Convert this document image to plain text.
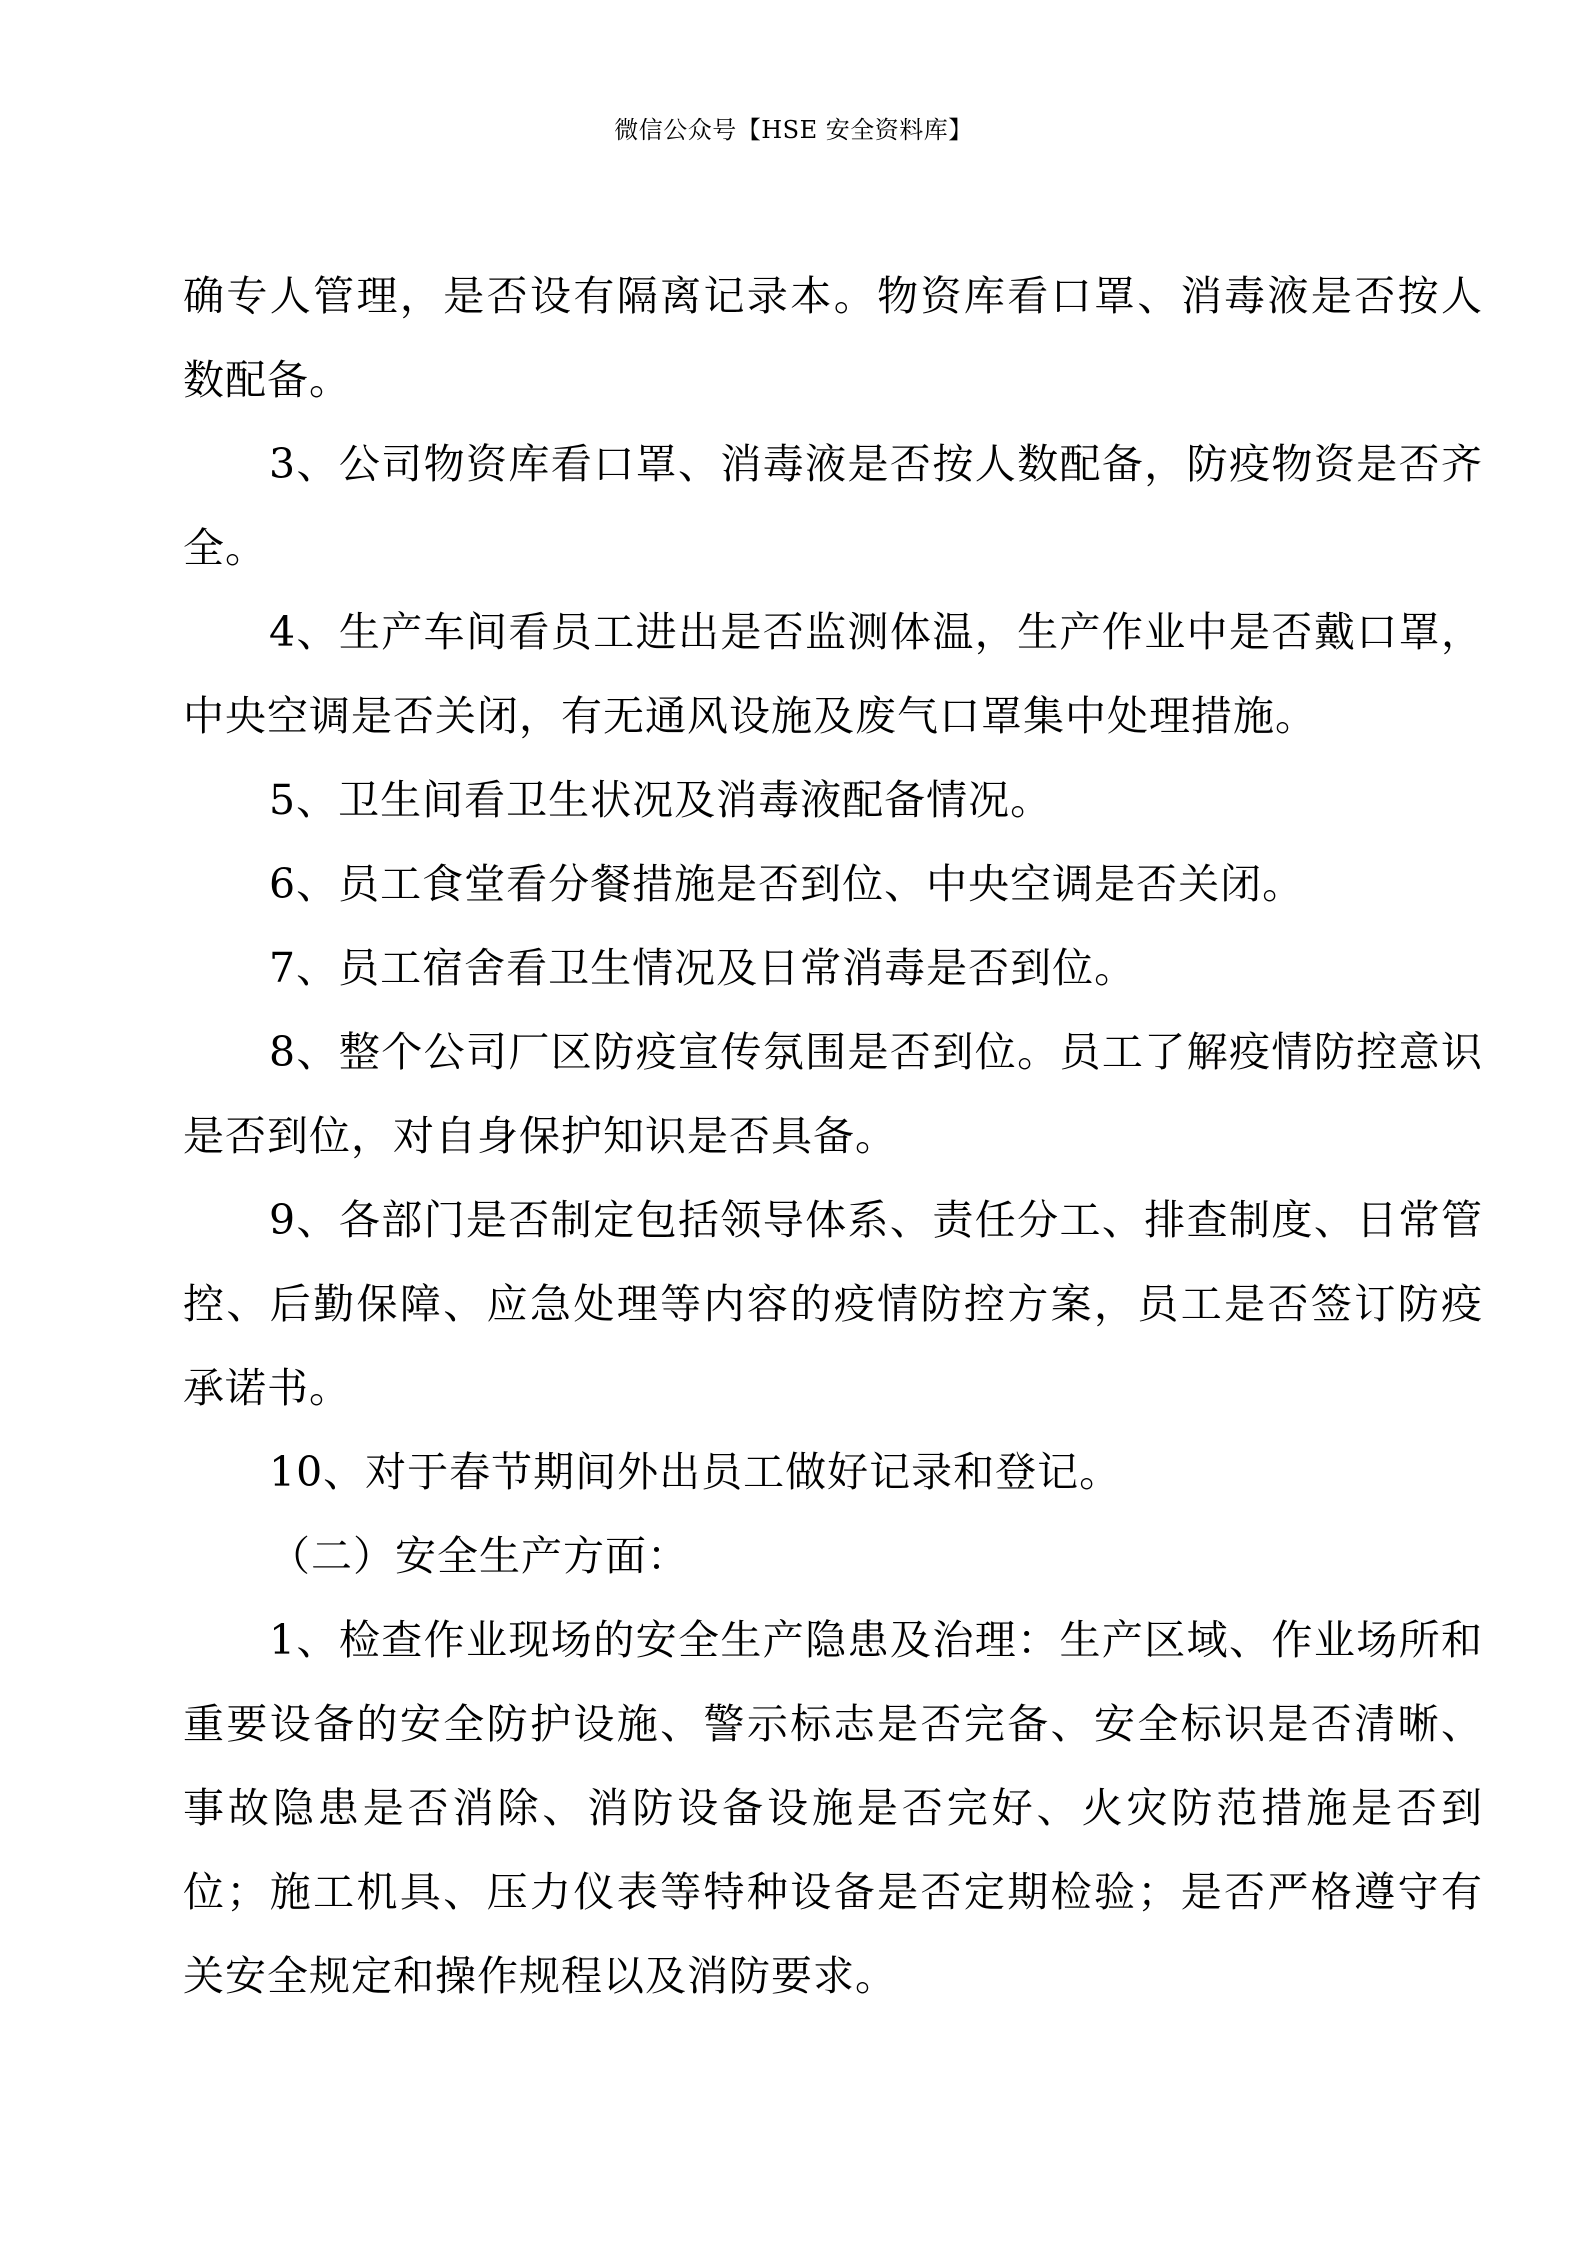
微信公众号【HSE 安全资料库】

确专人管理，是否设有隔离记录本。物资库看口罩、消毒液是否按人数配备。

3、公司物资库看口罩、消毒液是否按人数配备，防疫物资是否齐全。

4、生产车间看员工进出是否监测体温，生产作业中是否戴口罩，中央空调是否关闭，有无通风设施及废气口罩集中处理措施。

5、卫生间看卫生状况及消毒液配备情况。

6、员工食堂看分餐措施是否到位、中央空调是否关闭。

7、员工宿舍看卫生情况及日常消毒是否到位。

8、整个公司厂区防疫宣传氛围是否到位。员工了解疫情防控意识是否到位，对自身保护知识是否具备。

9、各部门是否制定包括领导体系、责任分工、排查制度、日常管控、后勤保障、应急处理等内容的疫情防控方案，员工是否签订防疫承诺书。

10、对于春节期间外出员工做好记录和登记。

（二）安全生产方面：

1、检查作业现场的安全生产隐患及治理：生产区域、作业场所和重要设备的安全防护设施、警示标志是否完备、安全标识是否清晰、事故隐患是否消除、消防设备设施是否完好、火灾防范措施是否到位；施工机具、压力仪表等特种设备是否定期检验；是否严格遵守有关安全规定和操作规程以及消防要求。
